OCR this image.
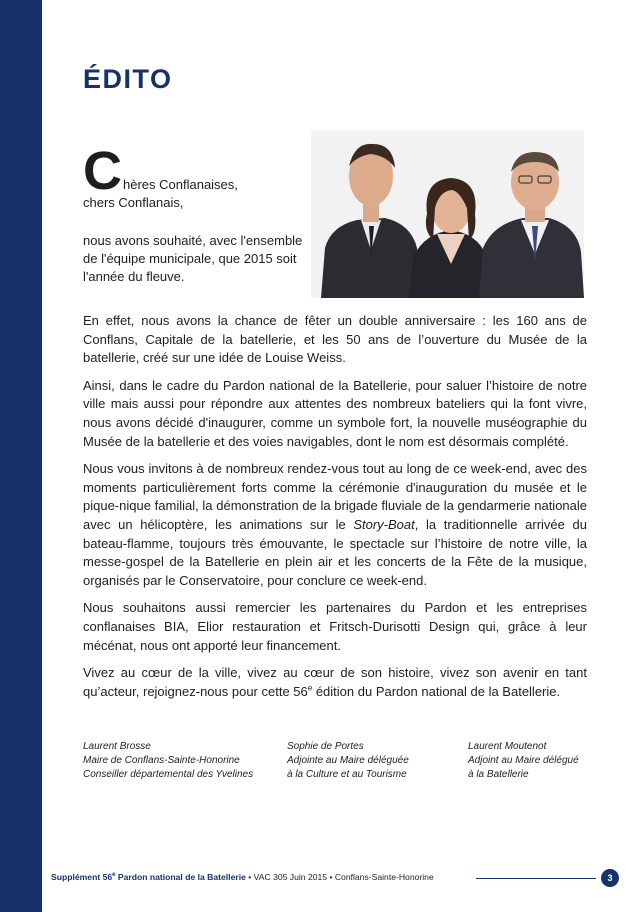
ÉDITO

Chères Conflanaises,

chers Conflanais,

nous avons souhaité, avec l'ensemble de l'équipe municipale, que 2015 soit l'année du fleuve.

En effet, nous avons la chance de fêter un double anniversaire : les 160 ans de Conflans, Capitale de la batellerie, et les 50 ans de l’ouverture du Musée de la batellerie, créé sur une idée de Louise Weiss.

Ainsi, dans le cadre du Pardon national de la Batellerie, pour saluer l’histoire de notre ville mais aussi pour répondre aux attentes des nombreux bateliers qui la font vivre, nous avons décidé d'inaugurer, comme un symbole fort, la nouvelle muséographie du Musée de la batellerie et des voies navigables, dont le nom est désormais complété.

Nous vous invitons à de nombreux rendez-vous tout au long de ce week-end, avec des moments particulièrement forts comme la cérémonie d'inauguration du musée et le pique-nique familial, la démonstration de la brigade fluviale de la gendarmerie nationale avec un hélicoptère, les animations sur le Story-Boat, la traditionnelle arrivée du bateau-flamme, toujours très émouvante, le spectacle sur l’histoire de notre ville, la messe-gospel de la Batellerie en plein air et les concerts de la Fête de la musique, organisés par le Conservatoire, pour conclure ce week-end.

Nous souhaitons aussi remercier les partenaires du Pardon et les entreprises conflanaises BIA, Elior restauration et Fritsch-Durisotti Design qui, grâce à leur mécénat, nous ont apporté leur financement.

Vivez au cœur de la ville, vivez au cœur de son histoire, vivez son avenir en tant qu’acteur, rejoignez-nous pour cette 56e édition du Pardon national de la Batellerie.

Laurent Brosse
Maire de Conflans-Sainte-Honorine
Conseiller départemental des Yvelines
Sophie de Portes
Adjointe au Maire déléguée
à la Culture et au Tourisme
Laurent Moutenot
Adjoint au Maire délégué
à la Batellerie
Supplément 56e Pardon national de la Batellerie • VAC 305 Juin 2015 • Conflans-Sainte-Honorine	3
